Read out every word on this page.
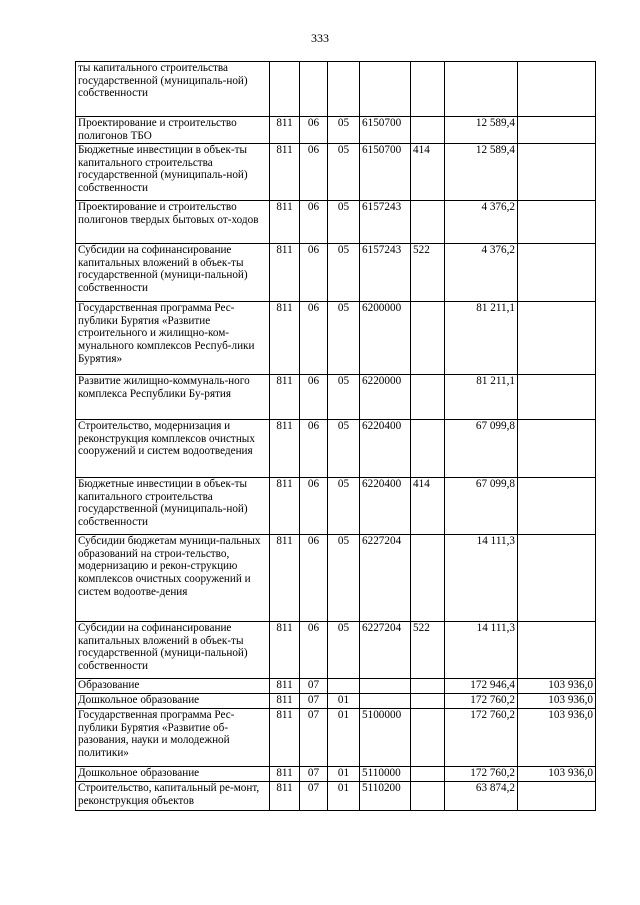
333
ты капитального строительства государственной (муниципаль-ной) собственности							
Проектирование и строительство полигонов ТБО	811	06	05	6150700		12 589,4	
Бюджетные инвестиции в объек-ты капитального строительства государственной (муниципаль-ной) собственности	811	06	05	6150700	414	12 589,4	
Проектирование и строительство полигонов твердых бытовых от-ходов	811	06	05	6157243		4 376,2	
Субсидии на софинансирование капитальных вложений в объек-ты государственной (муници-пальной) собственности	811	06	05	6157243	522	4 376,2	
Государственная программа Рес-публики Бурятия «Развитие строительного и жилищно-ком-мунального комплексов Респуб-лики Бурятия»	811	06	05	6200000		81 211,1	
Развитие жилищно-коммуналь-ного комплекса Республики Бу-рятия	811	06	05	6220000		81 211,1	
Строительство, модернизация и реконструкция комплексов очистных сооружений и систем водоотведения	811	06	05	6220400		67 099,8	
Бюджетные инвестиции в объек-ты капитального строительства государственной (муниципаль-ной) собственности	811	06	05	6220400	414	67 099,8	
Субсидии бюджетам муници-пальных образований на строи-тельство, модернизацию и рекон-струкцию комплексов очистных сооружений и систем водоотве-дения	811	06	05	6227204		14 111,3	
Субсидии на софинансирование капитальных вложений в объек-ты государственной (муници-пальной) собственности	811	06	05	6227204	522	14 111,3	
Образование	811	07				172 946,4	103 936,0
Дошкольное образование	811	07	01			172 760,2	103 936,0
Государственная программа Рес-публики Бурятия «Развитие об-разования, науки и молодежной политики»	811	07	01	5100000		172 760,2	103 936,0
Дошкольное образование	811	07	01	5110000		172 760,2	103 936,0
Строительство, капитальный ре-монт, реконструкция объектов	811	07	01	5110200		63 874,2	
